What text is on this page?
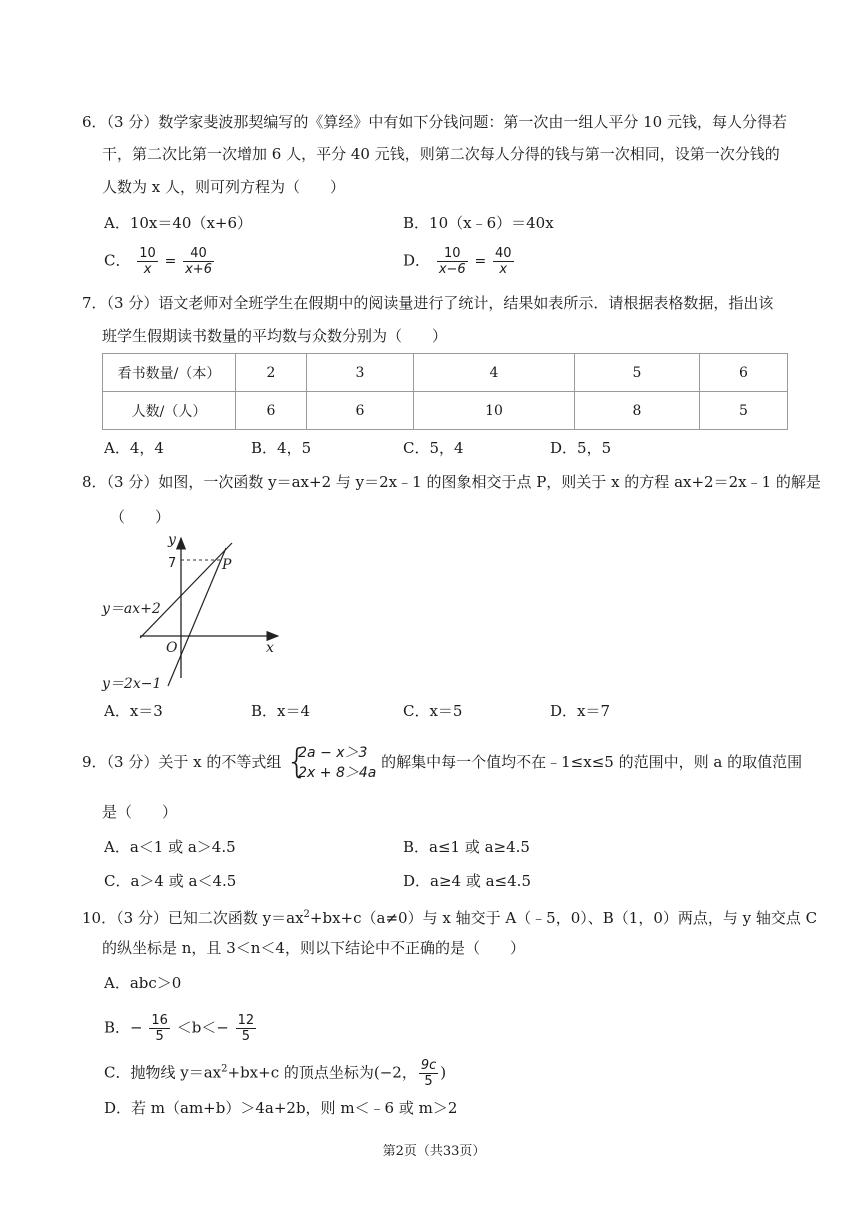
6．（3 分）数学家斐波那契编写的《算经》中有如下分钱问题：第一次由一组人平分 10 元钱，每人分得若
干，第二次比第一次增加 6 人，平分 40 元钱，则第二次每人分得的钱与第一次相同，设第一次分钱的
人数为 x 人，则可列方程为（　　）
A．10x＝40（x+6）	B．10（x﹣6）＝40x
C． $\frac{10}{x} = \frac{40}{x+6}$	D． $\frac{10}{x-6} = \frac{40}{x}$
7．（3 分）语文老师对全班学生在假期中的阅读量进行了统计，结果如表所示．请根据表格数据，指出该
班学生假期读书数量的平均数与众数分别为（　　）
看书数量/（本）	2	3	4	5	6
人数/（人）	6	6	10	8	5
A．4，4	B．4，5	C．5，4	D．5，5
8．（3 分）如图，一次函数 y＝ax+2 与 y＝2x﹣1 的图象相交于点 P，则关于 x 的方程 ax+2＝2x﹣1 的解是
（　　）
y
x
O
P
7
y＝ax+2
y＝2x−1
A．x＝3	B．x＝4	C．x＝5	D．x＝7
9．（3 分）关于 x 的不等式组 {
2a − x＞3
2x + 8＞4a
的解集中每一个值均不在﹣1≤x≤5 的范围中，则 a 的取值范围
是（　　）
A．a＜1 或 a＞4.5	B．a≤1 或 a≥4.5
C．a＞4 或 a＜4.5	D．a≥4 或 a≤4.5
10．（3 分）已知二次函数 $y=ax^2+bx+c(a\ne 0)$与 x 轴交于 A（﹣5，0）、B（1，0）两点，与 y 轴交点 C
的纵坐标是 n，且 3＜n＜4，则以下结论中不正确的是（　　）
A．abc＞0
B．− $\frac{16}{5} <b<- \frac{12}{5}$
C．抛物线 $y=ax^2+bx+c$ 的顶点坐标为(−2， $\frac{9c}{5}$ )
D．若 m（am+b）＞4a+2b，则 m＜﹣6 或 m＞2
第2页（共33页）
